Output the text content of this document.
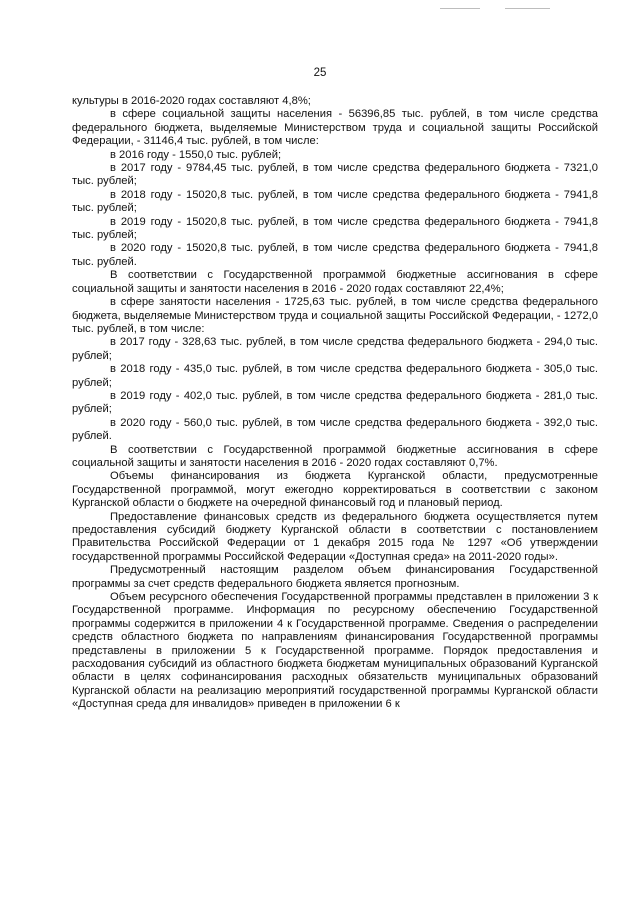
25

культуры в 2016-2020 годах составляют 4,8%;

в сфере социальной защиты населения - 56396,85 тыс. рублей, в том числе средства федерального бюджета, выделяемые Министерством труда и социальной защиты Российской Федерации, - 31146,4 тыс. рублей, в том числе:

в 2016 году - 1550,0 тыс. рублей;

в 2017 году - 9784,45 тыс. рублей, в том числе средства федерального бюджета - 7321,0 тыс. рублей;

в 2018 году - 15020,8 тыс. рублей, в том числе средства федерального бюджета - 7941,8 тыс. рублей;

в 2019 году - 15020,8 тыс. рублей, в том числе средства федерального бюджета - 7941,8 тыс. рублей;

в 2020 году - 15020,8 тыс. рублей, в том числе средства федерального бюджета - 7941,8 тыс. рублей.

В соответствии с Государственной программой бюджетные ассигнования в сфере социальной защиты и занятости населения в 2016 - 2020 годах составляют 22,4%;

в сфере занятости населения - 1725,63 тыс. рублей, в том числе средства федерального бюджета, выделяемые Министерством труда и социальной защиты Российской Федерации, - 1272,0 тыс. рублей, в том числе:

в 2017 году - 328,63 тыс. рублей, в том числе средства федерального бюджета - 294,0 тыс. рублей;

в 2018 году - 435,0 тыс. рублей, в том числе средства федерального бюджета - 305,0 тыс. рублей;

в 2019 году - 402,0 тыс. рублей, в том числе средства федерального бюджета - 281,0 тыс. рублей;

в 2020 году - 560,0 тыс. рублей, в том числе средства федерального бюджета - 392,0 тыс. рублей.

В соответствии с Государственной программой бюджетные ассигнования в сфере социальной защиты и занятости населения в 2016 - 2020 годах составляют 0,7%.

Объемы финансирования из бюджета Курганской области, предусмотренные Государственной программой, могут ежегодно корректироваться в соответствии с законом Курганской области о бюджете на очередной финансовый год и плановый период.

Предоставление финансовых средств из федерального бюджета осуществляется путем предоставления субсидий бюджету Курганской области в соответствии с постановлением Правительства Российской Федерации от 1 декабря 2015 года № 1297 «Об утверждении государственной программы Российской Федерации «Доступная среда» на 2011-2020 годы».

Предусмотренный настоящим разделом объем финансирования Государственной программы за счет средств федерального бюджета является прогнозным.

Объем ресурсного обеспечения Государственной программы представлен в приложении 3 к Государственной программе. Информация по ресурсному обеспечению Государственной программы содержится в приложении 4 к Государственной программе. Сведения о распределении средств областного бюджета по направлениям финансирования Государственной программы представлены в приложении 5 к Государственной программе. Порядок предоставления и расходования субсидий из областного бюджета бюджетам муниципальных образований Курганской области в целях софинансирования расходных обязательств муниципальных образований Курганской области на реализацию мероприятий государственной программы Курганской области «Доступная среда для инвалидов» приведен в приложении 6 к
